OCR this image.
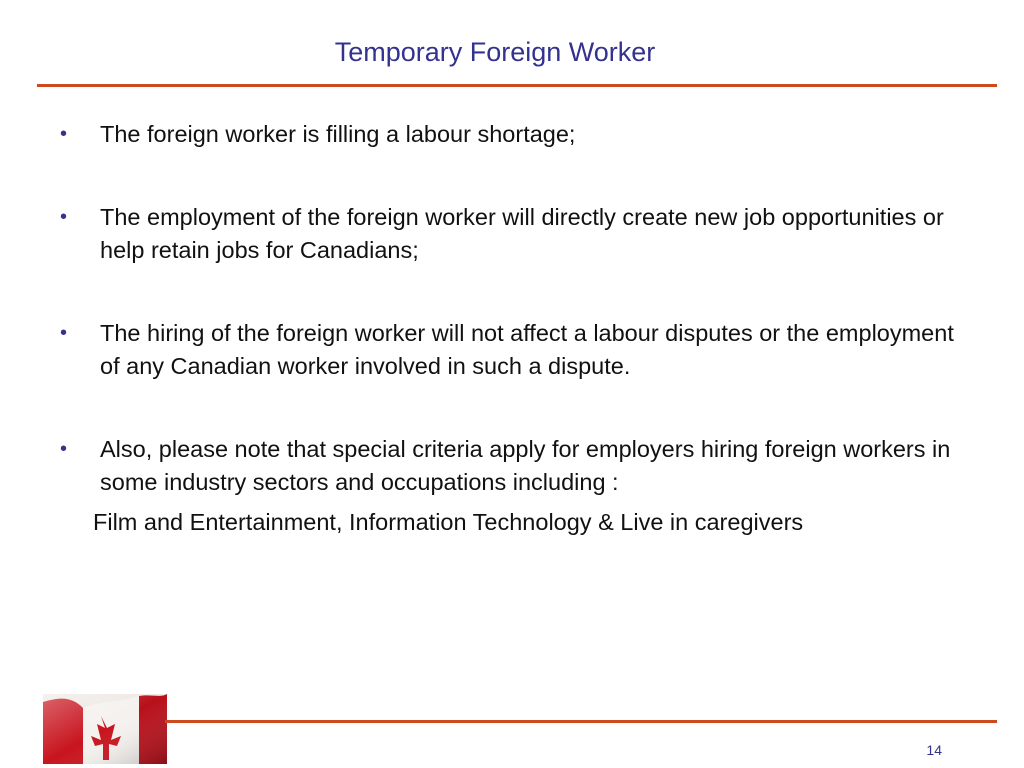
Temporary Foreign Worker
• The foreign worker is filling a labour shortage;
• The employment of the foreign worker will directly create new job opportunities or help retain jobs for Canadians;
• The hiring of the foreign worker will not affect a labour disputes or the employment of any Canadian worker involved in such a dispute.
• Also, please note that special criteria apply for employers hiring foreign workers in some industry sectors and occupations including :
Film and Entertainment, Information Technology & Live in caregivers
14
